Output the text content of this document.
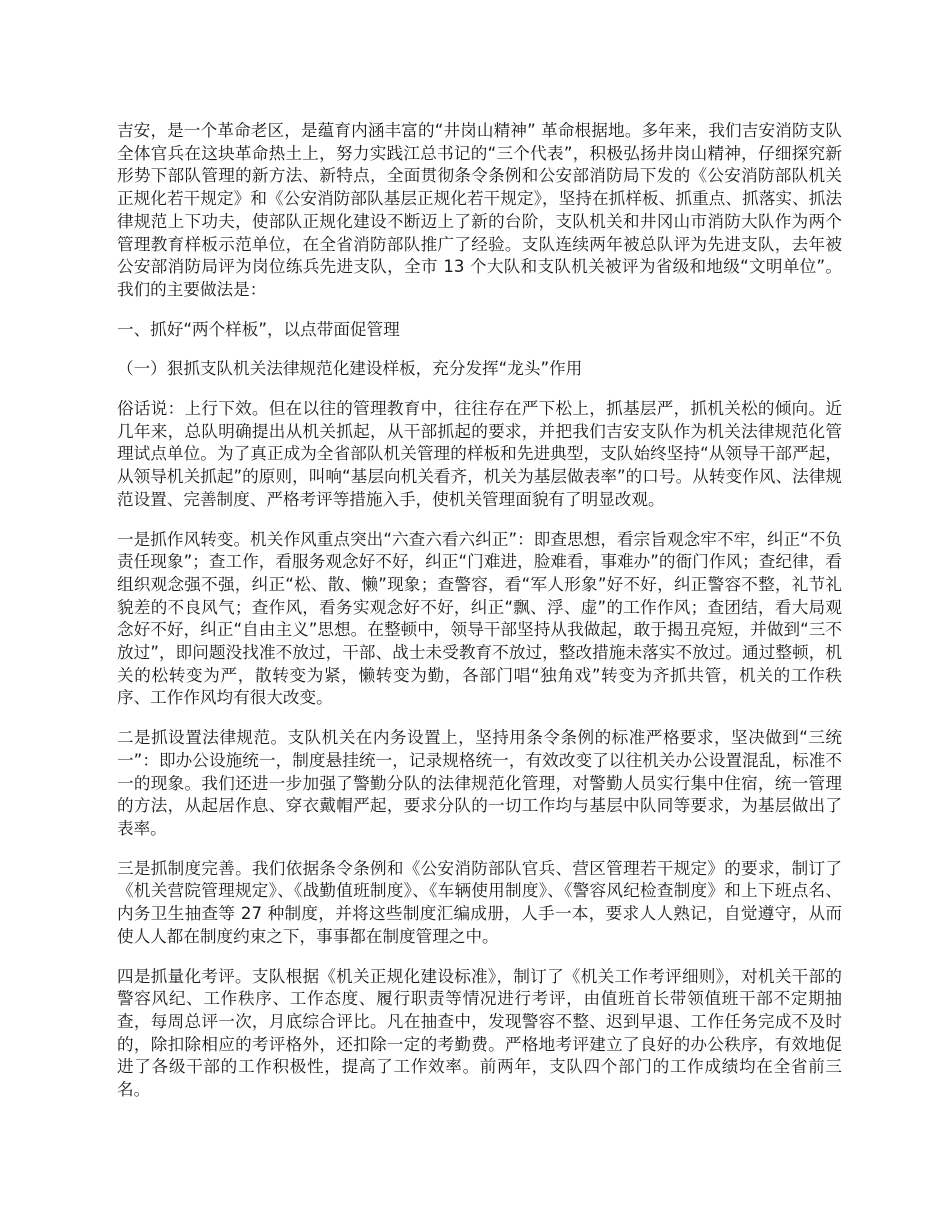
吉安，是一个革命老区，是蕴育内涵丰富的“井岗山精神” 革命根据地。多年来，我们吉安消防支队全体官兵在这块革命热土上，努力实践江总书记的“三个代表”，积极弘扬井岗山精神，仔细探究新形势下部队管理的新方法、新特点，全面贯彻条令条例和公安部消防局下发的《公安消防部队机关正规化若干规定》和《公安消防部队基层正规化若干规定》，坚持在抓样板、抓重点、抓落实、抓法律规范上下功夫，使部队正规化建设不断迈上了新的台阶，支队机关和井冈山市消防大队作为两个管理教育样板示范单位，在全省消防部队推广了经验。支队连续两年被总队评为先进支队，去年被公安部消防局评为岗位练兵先进支队，全市 13 个大队和支队机关被评为省级和地级“文明单位”。我们的主要做法是：

一、抓好“两个样板”，以点带面促管理

（一）狠抓支队机关法律规范化建设样板，充分发挥“龙头”作用

俗话说：上行下效。但在以往的管理教育中，往往存在严下松上，抓基层严，抓机关松的倾向。近几年来，总队明确提出从机关抓起，从干部抓起的要求，并把我们吉安支队作为机关法律规范化管理试点单位。为了真正成为全省部队机关管理的样板和先进典型，支队始终坚持“从领导干部严起，从领导机关抓起”的原则，叫响“基层向机关看齐，机关为基层做表率”的口号。从转变作风、法律规范设置、完善制度、严格考评等措施入手，使机关管理面貌有了明显改观。

一是抓作风转变。机关作风重点突出“六查六看六纠正”：即查思想，看宗旨观念牢不牢，纠正“不负责任现象”；查工作，看服务观念好不好，纠正“门难进，脸难看，事难办”的衙门作风；查纪律，看组织观念强不强，纠正“松、散、懒”现象；查警容，看“军人形象”好不好，纠正警容不整，礼节礼貌差的不良风气；查作风，看务实观念好不好，纠正“飘、浮、虚”的工作作风；查团结，看大局观念好不好，纠正“自由主义”思想。在整顿中，领导干部坚持从我做起，敢于揭丑亮短，并做到“三不放过”，即问题没找准不放过，干部、战士未受教育不放过，整改措施未落实不放过。通过整顿，机关的松转变为严，散转变为紧，懒转变为勤，各部门唱“独角戏”转变为齐抓共管，机关的工作秩序、工作作风均有很大改变。

二是抓设置法律规范。支队机关在内务设置上，坚持用条令条例的标准严格要求，坚决做到“三统一”：即办公设施统一，制度悬挂统一，记录规格统一，有效改变了以往机关办公设置混乱，标准不一的现象。我们还进一步加强了警勤分队的法律规范化管理，对警勤人员实行集中住宿，统一管理的方法，从起居作息、穿衣戴帽严起，要求分队的一切工作均与基层中队同等要求，为基层做出了表率。

三是抓制度完善。我们依据条令条例和《公安消防部队官兵、营区管理若干规定》的要求，制订了《机关营院管理规定》、《战勤值班制度》、《车辆使用制度》、《警容风纪检查制度》和上下班点名、内务卫生抽查等 27 种制度，并将这些制度汇编成册，人手一本，要求人人熟记，自觉遵守，从而使人人都在制度约束之下，事事都在制度管理之中。

四是抓量化考评。支队根据《机关正规化建设标准》，制订了《机关工作考评细则》，对机关干部的警容风纪、工作秩序、工作态度、履行职责等情况进行考评，由值班首长带领值班干部不定期抽查，每周总评一次，月底综合评比。凡在抽查中，发现警容不整、迟到早退、工作任务完成不及时的，除扣除相应的考评格外，还扣除一定的考勤费。严格地考评建立了良好的办公秩序，有效地促进了各级干部的工作积极性，提高了工作效率。前两年，支队四个部门的工作成绩均在全省前三名。
